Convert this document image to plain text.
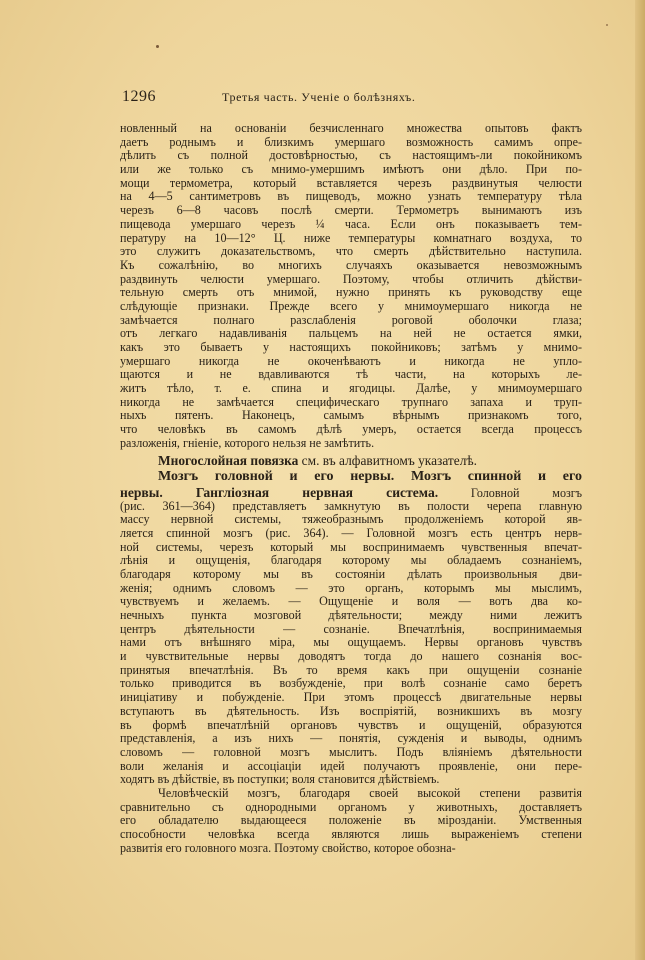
1296	Третья часть. Ученіе о болѣзняхъ.
новленный на основаніи безчисленнаго множества опытовъ фактъ
даетъ роднымъ и близкимъ умершаго возможность самимъ опре-
дѣлить съ полной достовѣрностью, съ настоящимъ-ли покойникомъ
или же только съ мнимо-умершимъ имѣютъ они дѣло. При по-
мощи термометра, который вставляется черезъ раздвинутыя челюсти
на 4—5 сантиметровъ въ пищеводъ, можно узнать температуру тѣла
черезъ 6—8 часовъ послѣ смерти. Термометръ вынимаютъ изъ
пищевода умершаго черезъ ¼ часа. Если онъ показываетъ тем-
пературу на 10—12° Ц. ниже температуры комнатнаго воздуха, то
это служитъ доказательствомъ, что смерть дѣйствительно наступила.
Къ сожалѣнію, во многихъ случаяхъ оказывается невозможнымъ
раздвинуть челюсти умершаго. Поэтому, чтобы отличить дѣйстви-
тельную смерть отъ мнимой, нужно принять къ руководству еще
слѣдующіе признаки. Прежде всего у мнимоумершаго никогда не
замѣчается полнаго разслабленія роговой оболочки глаза;
отъ легкаго надавливанія пальцемъ на ней не остается ямки,
какъ это бываетъ у настоящихъ покойниковъ; затѣмъ у мнимо-
умершаго никогда не окоченѣваютъ и никогда не упло-
щаются и не вдавливаются тѣ части, на которыхъ ле-
житъ тѣло, т. е. спина и ягодицы. Далѣе, у мнимоумершаго
никогда не замѣчается специфическаго трупнаго запаха и труп-
ныхъ пятенъ. Наконецъ, самымъ вѣрнымъ признакомъ того,
что человѣкъ въ самомъ дѣлѣ умеръ, остается всегда процессъ
разложенія, гніеніе, которого нельзя не замѣтить.
Многослойная повязка см. въ алфавитномъ указателѣ.
Мозгъ головной и его нервы. Мозгъ спинной и его
нервы. Ганглiозная нервная система. Головной мозгъ
(рис. 361—364) представляетъ замкнутую въ полости черепа главную
массу нервной системы, тяжеобразнымъ продолженіемъ которой яв-
ляется спинной мозгъ (рис. 364). — Головной мозгъ есть центръ нерв-
ной системы, черезъ который мы воспринимаемъ чувственныя впечат-
лѣнія и ощущенія, благодаря которому мы обладаемъ сознаніемъ,
благодаря которому мы въ состояніи дѣлать произвольныя дви-
женія; однимъ словомъ — это органъ, которымъ мы мыслимъ,
чувствуемъ и желаемъ. — Ощущеніе и воля — вотъ два ко-
нечныхъ пункта мозговой дѣятельности; между ними лежитъ
центръ дѣятельности — сознаніе. Впечатлѣнія, воспринимаемыя
нами отъ внѣшняго міра, мы ощущаемъ. Нервы органовъ чувствъ
и чувствительные нервы доводятъ тогда до нашего сознанія вос-
принятыя впечатлѣнія. Въ то время какъ при ощущеніи сознаніе
только приводится въ возбужденіе, при волѣ сознаніе само беретъ
иниціативу и побужденіе. При этомъ процессѣ двигательные нервы
вступаютъ въ дѣятельность. Изъ воспріятій, возникшихъ въ мозгу
въ формѣ впечатлѣній органовъ чувствъ и ощущеній, образуются
представленія, а изъ нихъ — понятія, сужденія и выводы, однимъ
словомъ — головной мозгъ мыслитъ. Подъ вліяніемъ дѣятельности
воли желанія и ассоціаціи идей получаютъ проявленіе, они пере-
ходятъ въ дѣйствіе, въ поступки; воля становится дѣйствіемъ.
Человѣческій мозгъ, благодаря своей высокой степени развитія
сравнительно съ однородными органомъ у животныхъ, доставляетъ
его обладателю выдающееся положеніе въ мірозданіи. Умственныя
способности человѣка всегда являются лишь выраженіемъ степени
развитія его головного мозга. Поэтому свойство, которое обозна-
